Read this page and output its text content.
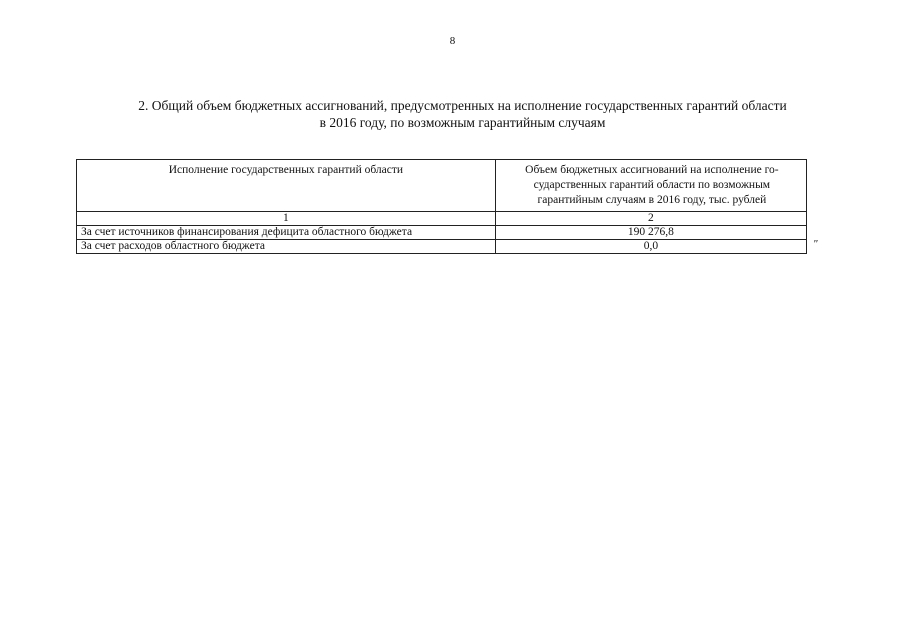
8
2. Общий объем бюджетных ассигнований, предусмотренных на исполнение государственных гарантий области
в 2016 году, по возможным гарантийным случаям
Исполнение государственных гарантий области	Объем бюджетных ассигнований на исполнение го-сударственных гарантий области по возможным гарантийным случаям в 2016 году, тыс. рублей
1	2
За счет источников финансирования дефицита областного бюджета	190 276,8
За счет расходов областного бюджета	0,0	"
